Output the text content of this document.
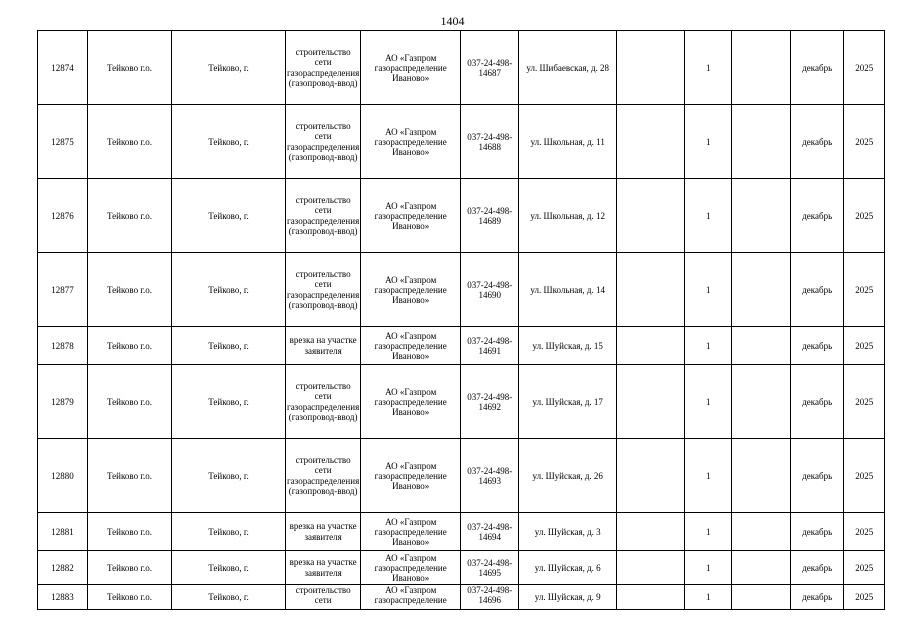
1404
12874	Тейково г.о.	Тейково, г.	строительство сети газораспределения (газопровод-ввод)	АО «Газпром газораспределение Иваново»	037-24-498-14687	ул. Шибаевская, д. 28		1		декабрь	2025
12875	Тейково г.о.	Тейково, г.	строительство сети газораспределения (газопровод-ввод)	АО «Газпром газораспределение Иваново»	037-24-498-14688	ул. Школьная, д. 11		1		декабрь	2025
12876	Тейково г.о.	Тейково, г.	строительство сети газораспределения (газопровод-ввод)	АО «Газпром газораспределение Иваново»	037-24-498-14689	ул. Школьная, д. 12		1		декабрь	2025
12877	Тейково г.о.	Тейково, г.	строительство сети газораспределения (газопровод-ввод)	АО «Газпром газораспределение Иваново»	037-24-498-14690	ул. Школьная, д. 14		1		декабрь	2025
12878	Тейково г.о.	Тейково, г.	врезка на участке заявителя	АО «Газпром газораспределение Иваново»	037-24-498-14691	ул. Шуйская, д. 15		1		декабрь	2025
12879	Тейково г.о.	Тейково, г.	строительство сети газораспределения (газопровод-ввод)	АО «Газпром газораспределение Иваново»	037-24-498-14692	ул. Шуйская, д. 17		1		декабрь	2025
12880	Тейково г.о.	Тейково, г.	строительство сети газораспределения (газопровод-ввод)	АО «Газпром газораспределение Иваново»	037-24-498-14693	ул. Шуйская, д. 26		1		декабрь	2025
12881	Тейково г.о.	Тейково, г.	врезка на участке заявителя	АО «Газпром газораспределение Иваново»	037-24-498-14694	ул. Шуйская, д. 3		1		декабрь	2025
12882	Тейково г.о.	Тейково, г.	врезка на участке заявителя	АО «Газпром газораспределение Иваново»	037-24-498-14695	ул. Шуйская, д. 6		1		декабрь	2025
12883	Тейково г.о.	Тейково, г.	строительство сети	АО «Газпром газораспределение	037-24-498-14696	ул. Шуйская, д. 9		1		декабрь	2025
